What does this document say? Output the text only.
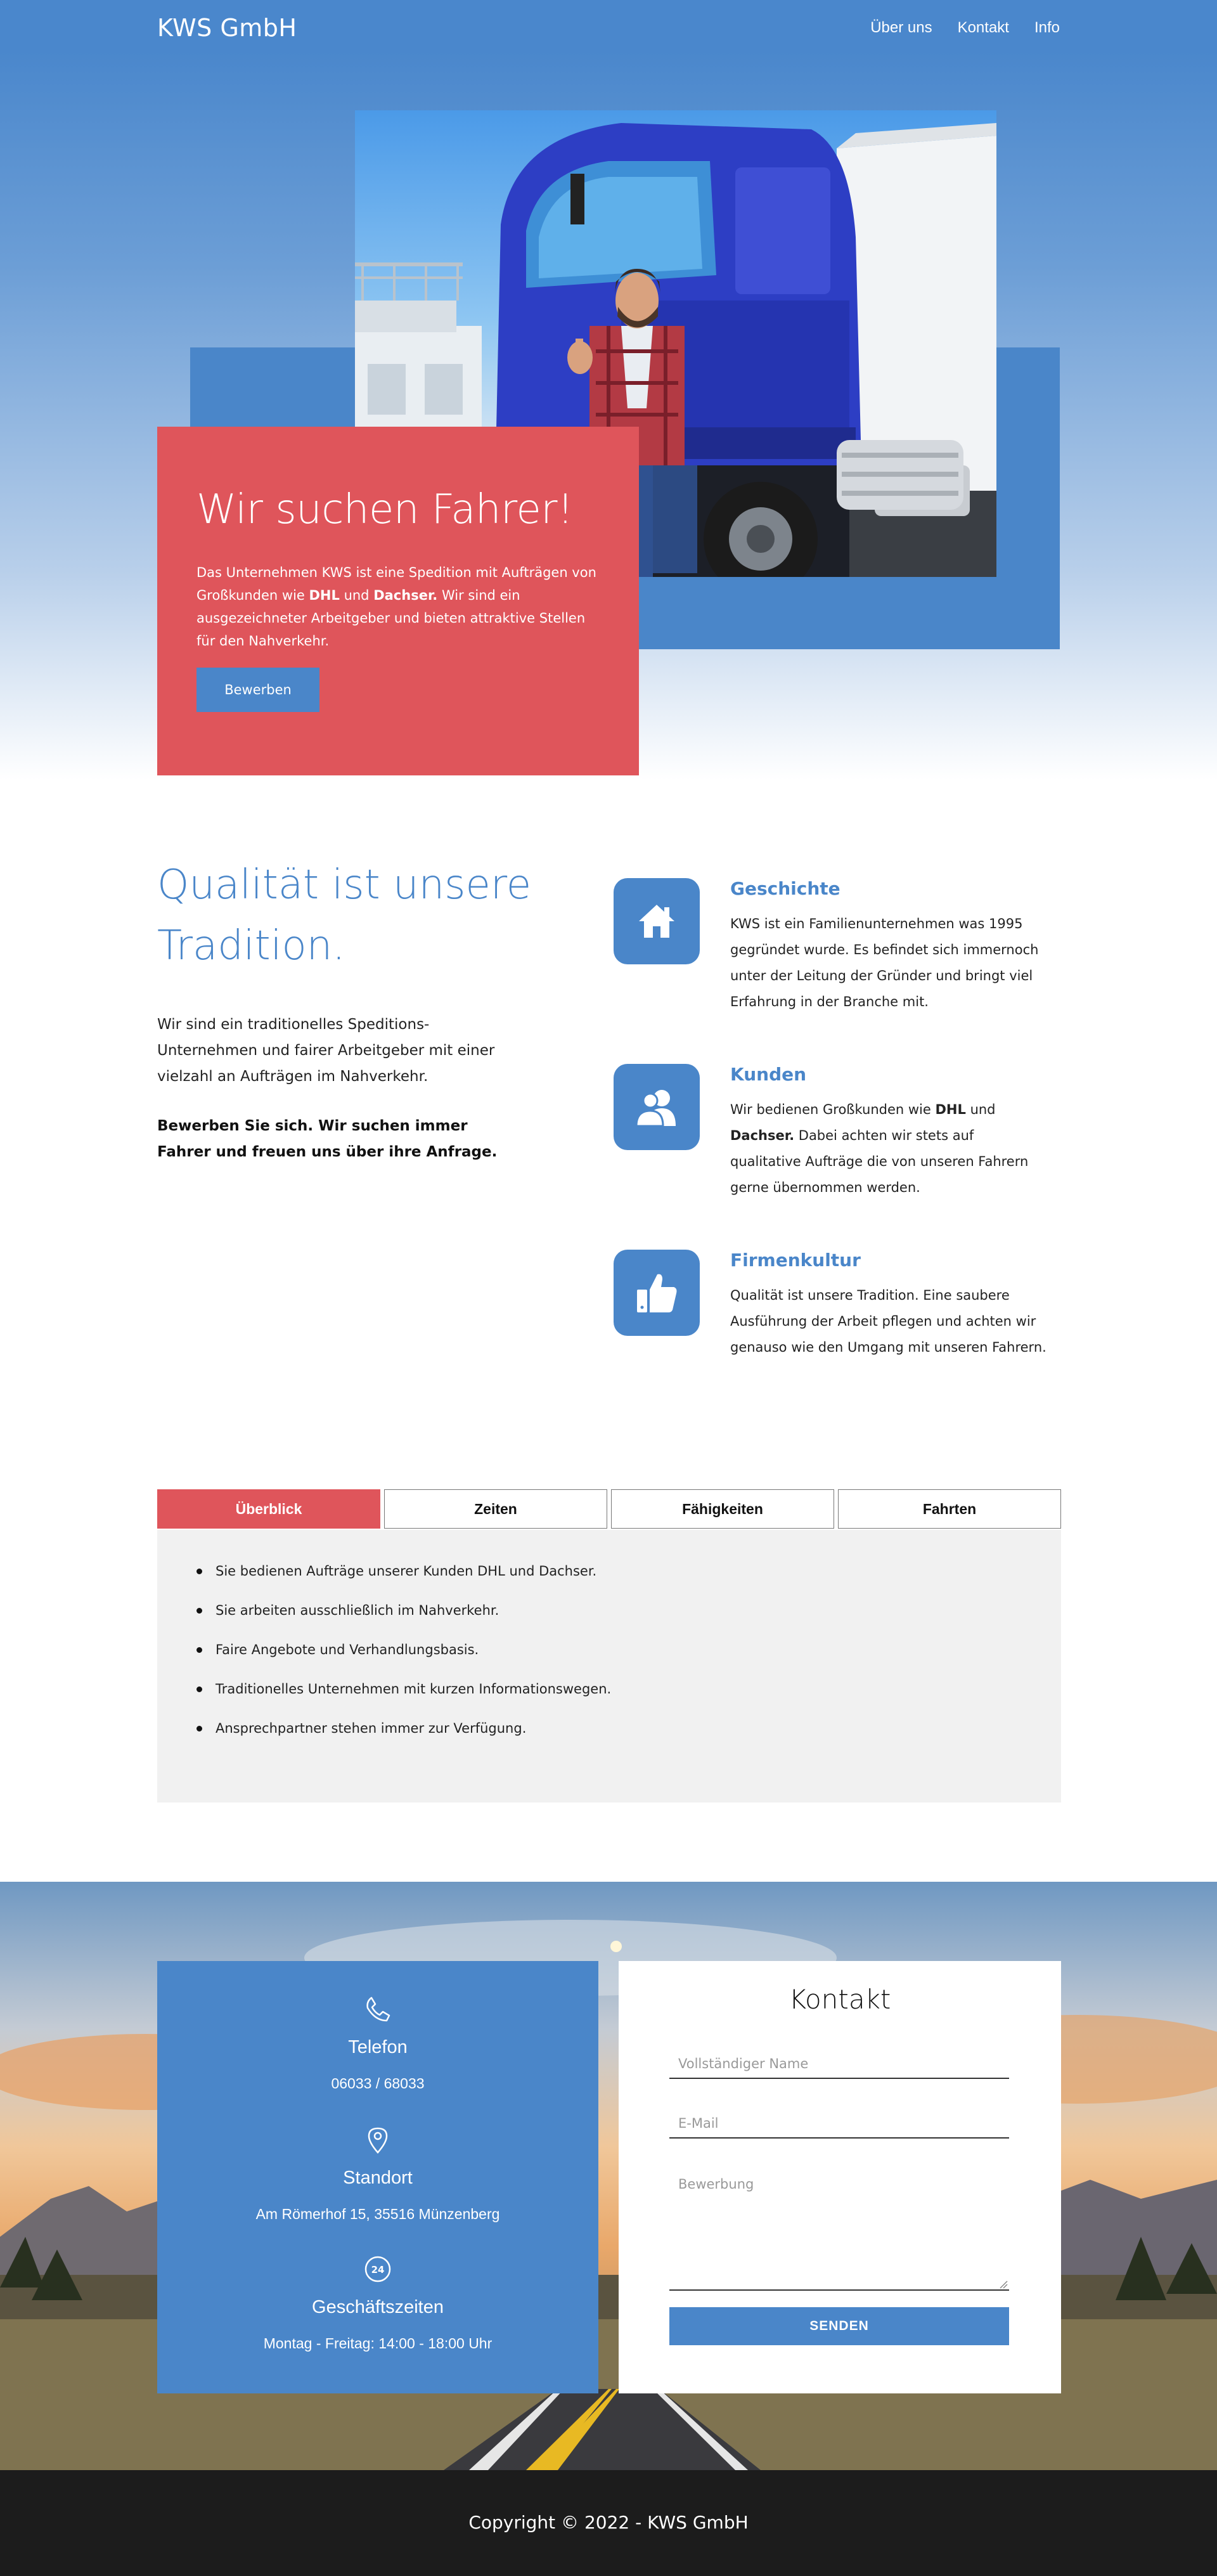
KWS GmbH	Über uns Kontakt Info
Wir suchen Fahrer!

Das Unternehmen KWS ist eine Spedition mit Aufträgen von Großkunden wie DHL und Dachser. Wir sind ein ausgezeichneter Arbeitgeber und bieten attraktive Stellen für den Nahverkehr.

Bewerben
Qualität ist unsere Tradition.

Wir sind ein traditionelles Speditions-Unternehmen und fairer Arbeitgeber mit einer vielzahl an Aufträgen im Nahverkehr.

Bewerben Sie sich. Wir suchen immer Fahrer und freuen uns über ihre Anfrage.

Geschichte

KWS ist ein Familienunternehmen was 1995 gegründet wurde. Es befindet sich immernoch unter der Leitung der Gründer und bringt viel Erfahrung in der Branche mit.

Kunden

Wir bedienen Großkunden wie DHL und Dachser. Dabei achten wir stets auf qualitative Aufträge die von unseren Fahrern gerne übernommen werden.

Firmenkultur

Qualität ist unsere Tradition. Eine saubere Ausführung der Arbeit pflegen und achten wir genauso wie den Umgang mit unseren Fahrern.

Überblick	Zeiten	Fähigkeiten	Fahrten
Sie bedienen Aufträge unserer Kunden DHL und Dachser.
Sie arbeiten ausschließlich im Nahverkehr.
Faire Angebote und Verhandlungsbasis.
Traditionelles Unternehmen mit kurzen Informationswegen.
Ansprechpartner stehen immer zur Verfügung.
Telefon
06033 / 68033
Standort
Am Römerhof 15, 35516 Münzenberg
24
Geschäftszeiten
Montag - Freitag: 14:00 - 18:00 Uhr
Kontakt
Vollständiger Name
E-Mail
Bewerbung
SENDEN
Copyright © 2022 - KWS GmbH
